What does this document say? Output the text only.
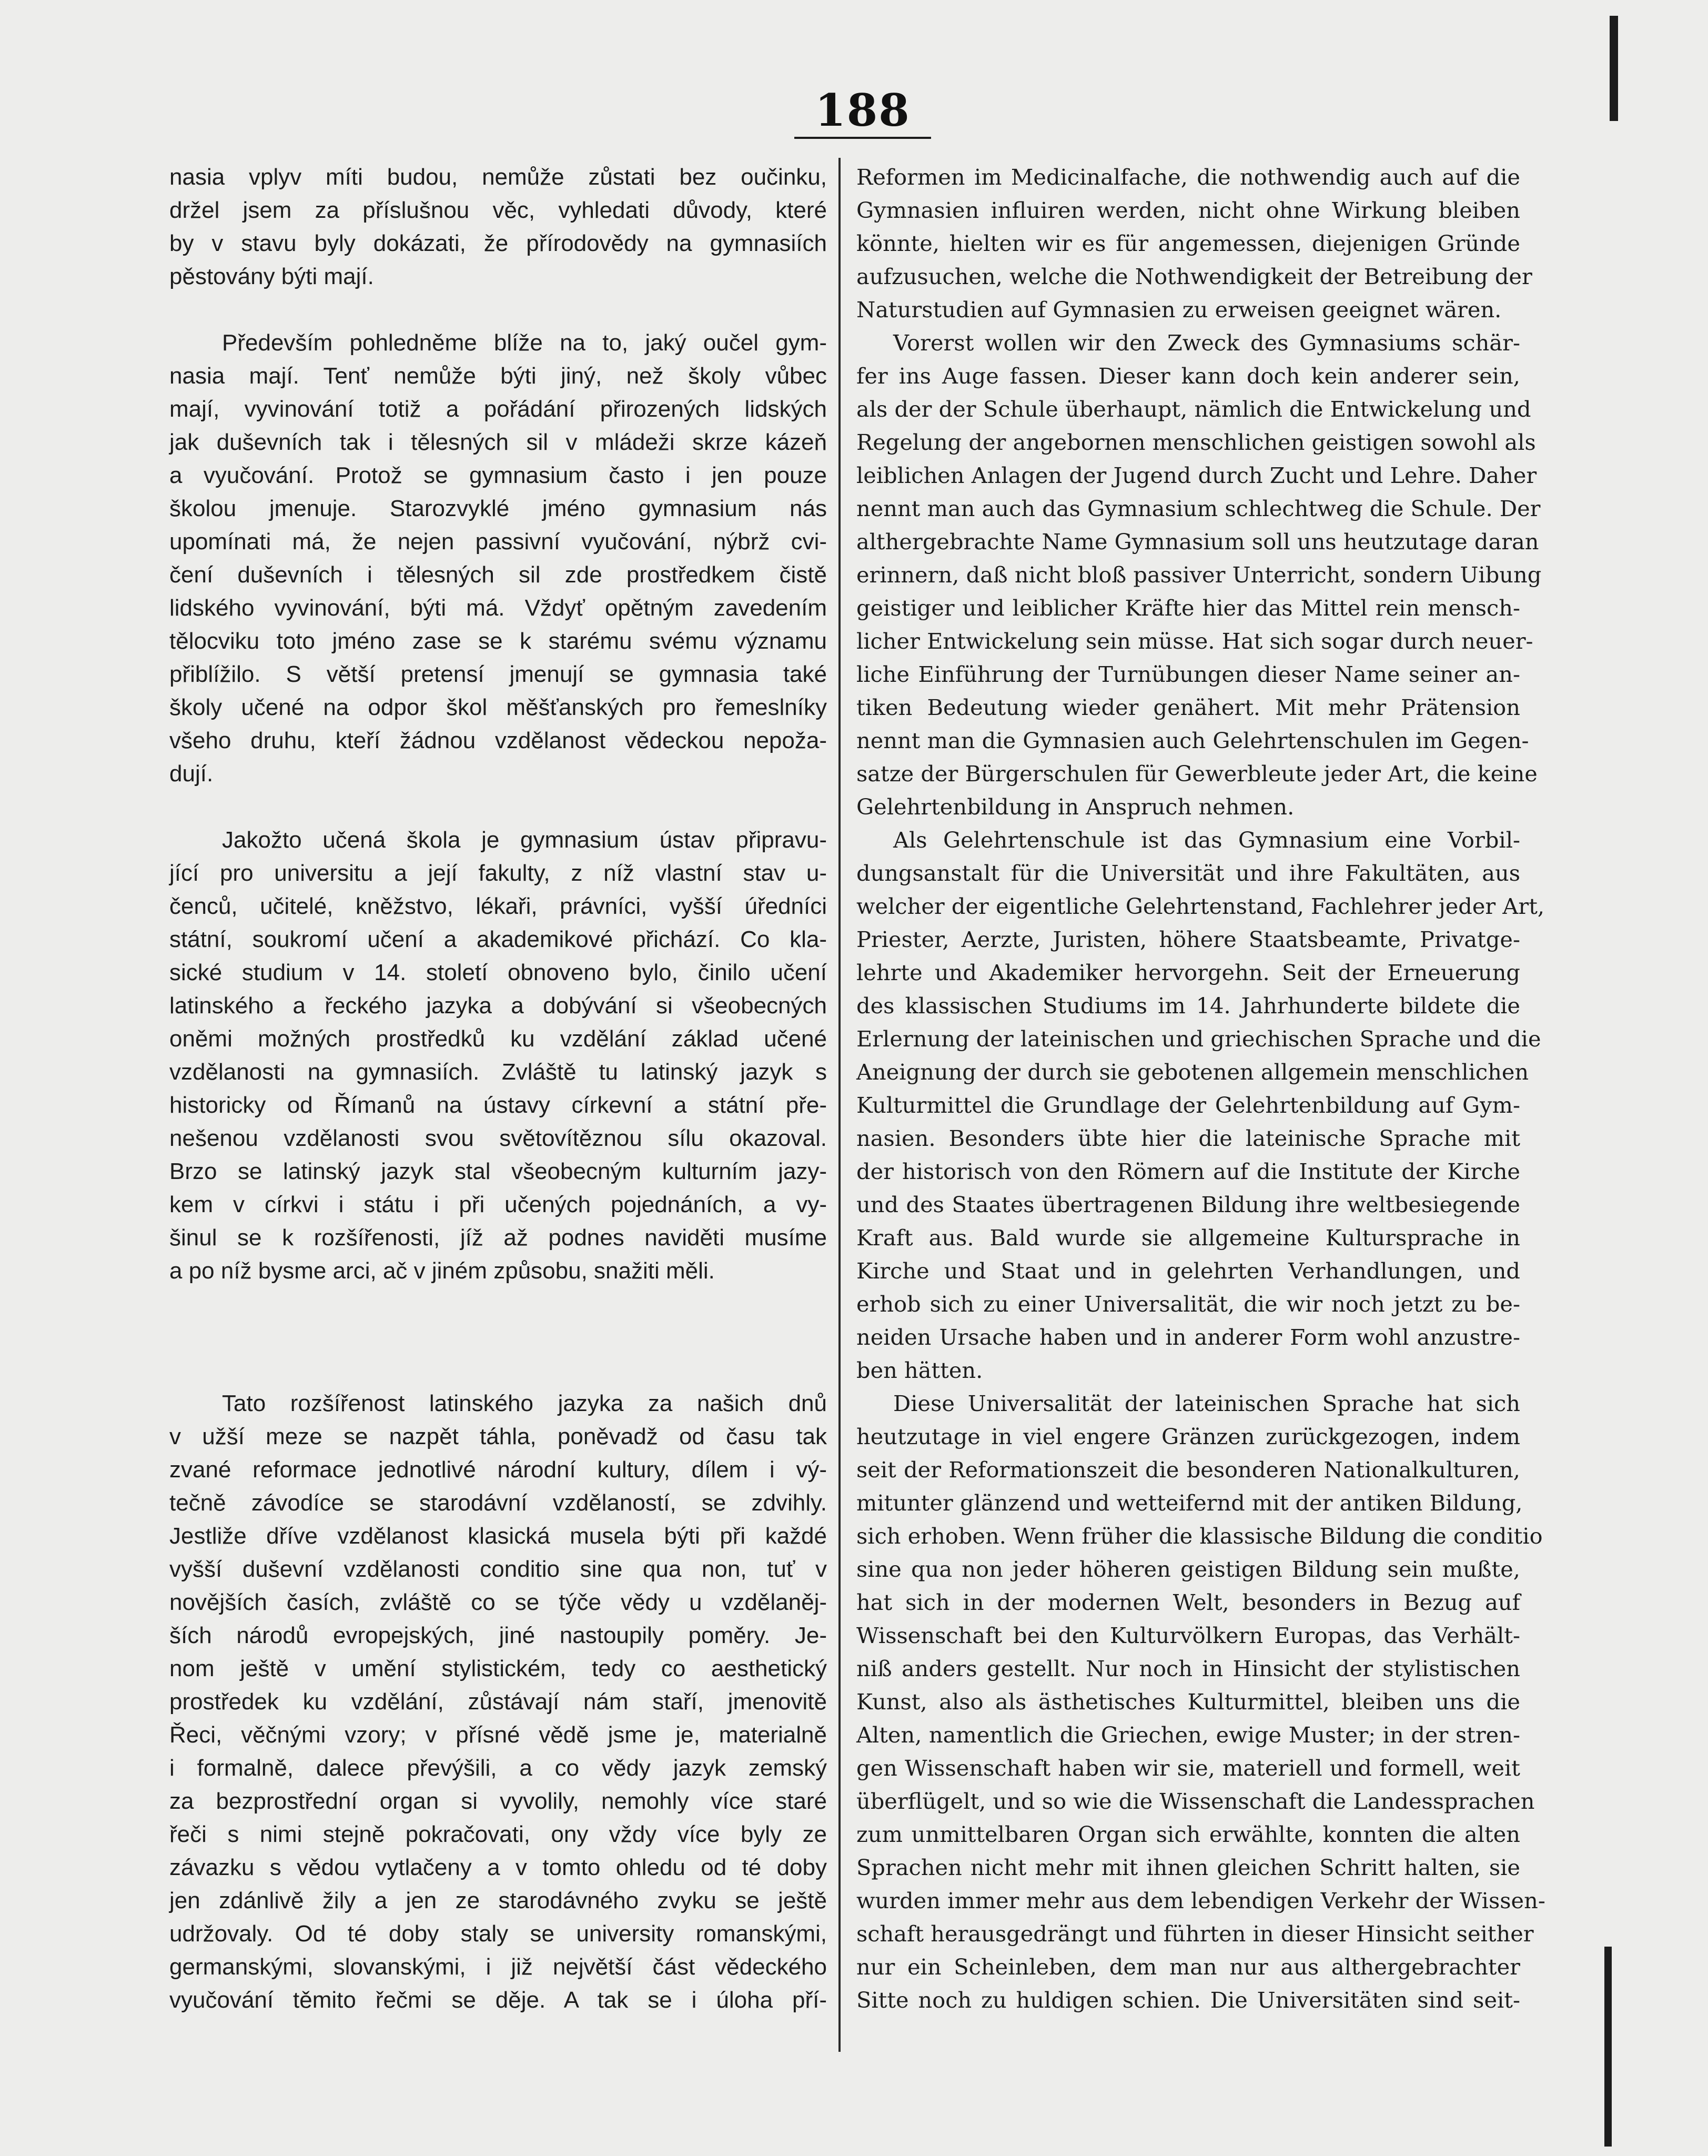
188
nasia vplyv míti budou, nemůže zůstati bez oučinku,
držel jsem za příslušnou věc, vyhledati důvody, které
by v stavu byly dokázati, že přírodovědy na gymnasiích
pěstovány býti mají.
Především pohledněme blíže na to, jaký oučel gym-
nasia mají. Tenť nemůže býti jiný, než školy vůbec
mají, vyvinování totiž a pořádání přirozených lidských
jak duševních tak i tělesných sil v mládeži skrze kázeň
a vyučování. Protož se gymnasium často i jen pouze
školou jmenuje. Starozvyklé jméno gymnasium nás
upomínati má, že nejen passivní vyučování, nýbrž cvi-
čení duševních i tělesných sil zde prostředkem čistě
lidského vyvinování, býti má. Vždyť opětným zavedením
tělocviku toto jméno zase se k starému svému významu
přiblížilo. S větší pretensí jmenují se gymnasia také
školy učené na odpor škol měšťanských pro řemeslníky
všeho druhu, kteří žádnou vzdělanost vědeckou nepoža-
dují.
Jakožto učená škola je gymnasium ústav připravu-
jící pro universitu a její fakulty, z níž vlastní stav u-
čenců, učitelé, kněžstvo, lékaři, právníci, vyšší úředníci
státní, soukromí učení a akademikové přichází. Co kla-
sické studium v 14. století obnoveno bylo, činilo učení
latinského a řeckého jazyka a dobývání si všeobecných
oněmi možných prostředků ku vzdělání základ učené
vzdělanosti na gymnasiích. Zvláště tu latinský jazyk s
historicky od Římanů na ústavy církevní a státní pře-
nešenou vzdělanosti svou světovítěznou sílu okazoval.
Brzo se latinský jazyk stal všeobecným kulturním jazy-
kem v církvi i státu i při učených pojednáních, a vy-
šinul se k rozšířenosti, jíž až podnes naviděti musíme
a po níž bysme arci, ač v jiném způsobu, snažiti měli.
Tato rozšířenost latinského jazyka za našich dnů
v užší meze se nazpět táhla, poněvadž od času tak
zvané reformace jednotlivé národní kultury, dílem i vý-
tečně závodíce se starodávní vzdělaností, se zdvihly.
Jestliže dříve vzdělanost klasická musela býti při každé
vyšší duševní vzdělanosti conditio sine qua non, tuť v
novějších časích, zvláště co se týče vědy u vzdělaněj-
ších národů evropejských, jiné nastoupily poměry. Je-
nom ještě v umění stylistickém, tedy co aesthetický
prostředek ku vzdělání, zůstávají nám staří, jmenovitě
Řeci, věčnými vzory; v přísné vědě jsme je, materialně
i formalně, dalece převýšili, a co vědy jazyk zemský
za bezprostřední organ si vyvolily, nemohly více staré
řeči s nimi stejně pokračovati, ony vždy více byly ze
závazku s vědou vytlačeny a v tomto ohledu od té doby
jen zdánlivě žily a jen ze starodávného zvyku se ještě
udržovaly. Od té doby staly se university romanskými,
germanskými, slovanskými, i již největší část vědeckého
vyučování těmito řečmi se děje. A tak se i úloha pří-
Reformen im Medicinalfache, die nothwendig auch auf die
Gymnasien influiren werden, nicht ohne Wirkung bleiben
könnte, hielten wir es für angemessen, diejenigen Gründe
aufzusuchen, welche die Nothwendigkeit der Betreibung der
Naturstudien auf Gymnasien zu erweisen geeignet wären.
Vorerst wollen wir den Zweck des Gymnasiums schär-
fer ins Auge fassen. Dieser kann doch kein anderer sein,
als der der Schule überhaupt, nämlich die Entwickelung und
Regelung der angebornen menschlichen geistigen sowohl als
leiblichen Anlagen der Jugend durch Zucht und Lehre. Daher
nennt man auch das Gymnasium schlechtweg die Schule. Der
althergebrachte Name Gymnasium soll uns heutzutage daran
erinnern, daß nicht bloß passiver Unterricht, sondern Uibung
geistiger und leiblicher Kräfte hier das Mittel rein mensch-
licher Entwickelung sein müsse. Hat sich sogar durch neuer-
liche Einführung der Turnübungen dieser Name seiner an-
tiken Bedeutung wieder genähert. Mit mehr Prätension
nennt man die Gymnasien auch Gelehrtenschulen im Gegen-
satze der Bürgerschulen für Gewerbleute jeder Art, die keine
Gelehrtenbildung in Anspruch nehmen.
Als Gelehrtenschule ist das Gymnasium eine Vorbil-
dungsanstalt für die Universität und ihre Fakultäten, aus
welcher der eigentliche Gelehrtenstand, Fachlehrer jeder Art,
Priester, Aerzte, Juristen, höhere Staatsbeamte, Privatge-
lehrte und Akademiker hervorgehn. Seit der Erneuerung
des klassischen Studiums im 14. Jahrhunderte bildete die
Erlernung der lateinischen und griechischen Sprache und die
Aneignung der durch sie gebotenen allgemein menschlichen
Kulturmittel die Grundlage der Gelehrtenbildung auf Gym-
nasien. Besonders übte hier die lateinische Sprache mit
der historisch von den Römern auf die Institute der Kirche
und des Staates übertragenen Bildung ihre weltbesiegende
Kraft aus. Bald wurde sie allgemeine Kultursprache in
Kirche und Staat und in gelehrten Verhandlungen, und
erhob sich zu einer Universalität, die wir noch jetzt zu be-
neiden Ursache haben und in anderer Form wohl anzustre-
ben hätten.
Diese Universalität der lateinischen Sprache hat sich
heutzutage in viel engere Gränzen zurückgezogen, indem
seit der Reformationszeit die besonderen Nationalkulturen,
mitunter glänzend und wetteifernd mit der antiken Bildung,
sich erhoben. Wenn früher die klassische Bildung die conditio
sine qua non jeder höheren geistigen Bildung sein mußte,
hat sich in der modernen Welt, besonders in Bezug auf
Wissenschaft bei den Kulturvölkern Europas, das Verhält-
niß anders gestellt. Nur noch in Hinsicht der stylistischen
Kunst, also als ästhetisches Kulturmittel, bleiben uns die
Alten, namentlich die Griechen, ewige Muster; in der stren-
gen Wissenschaft haben wir sie, materiell und formell, weit
überflügelt, und so wie die Wissenschaft die Landessprachen
zum unmittelbaren Organ sich erwählte, konnten die alten
Sprachen nicht mehr mit ihnen gleichen Schritt halten, sie
wurden immer mehr aus dem lebendigen Verkehr der Wissen-
schaft herausgedrängt und führten in dieser Hinsicht seither
nur ein Scheinleben, dem man nur aus althergebrachter
Sitte noch zu huldigen schien. Die Universitäten sind seit-
